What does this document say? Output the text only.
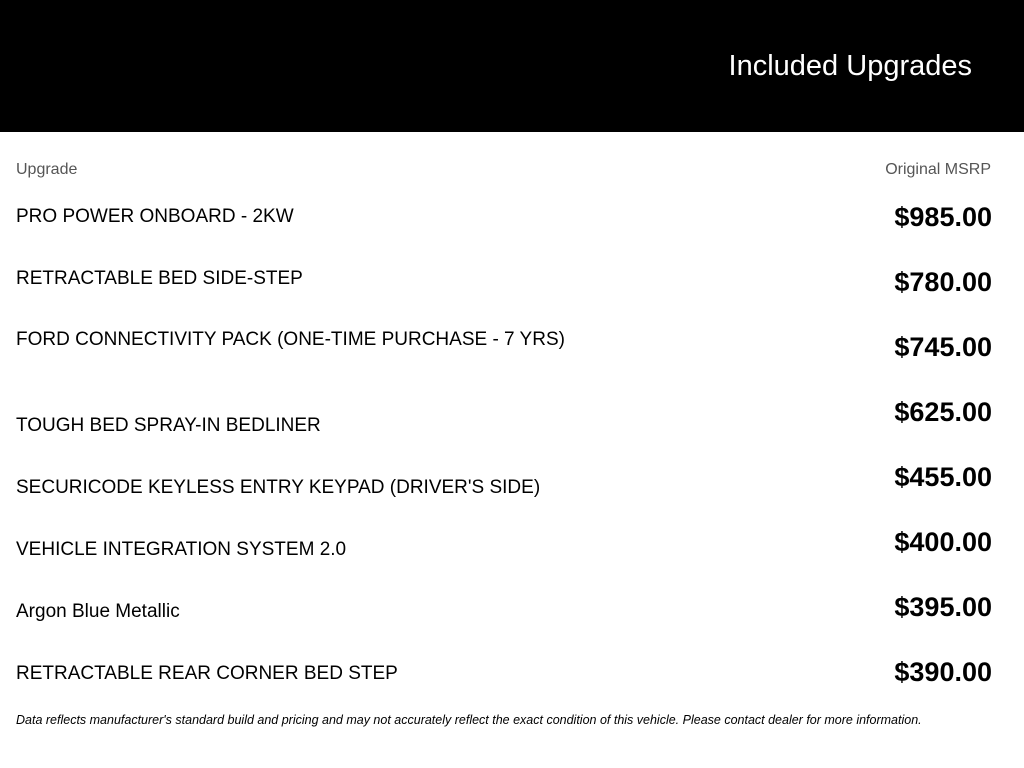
Included Upgrades
Upgrade	Original MSRP
PRO POWER ONBOARD - 2KW	$985.00
RETRACTABLE BED SIDE-STEP	$780.00
FORD CONNECTIVITY PACK (ONE-TIME PURCHASE - 7 YRS)	$745.00
TOUGH BED SPRAY-IN BEDLINER	$625.00
SECURICODE KEYLESS ENTRY KEYPAD (DRIVER'S SIDE)	$455.00
VEHICLE INTEGRATION SYSTEM 2.0	$400.00
Argon Blue Metallic	$395.00
RETRACTABLE REAR CORNER BED STEP	$390.00
Data reflects manufacturer's standard build and pricing and may not accurately reflect the exact condition of this vehicle. Please contact dealer for more information.
